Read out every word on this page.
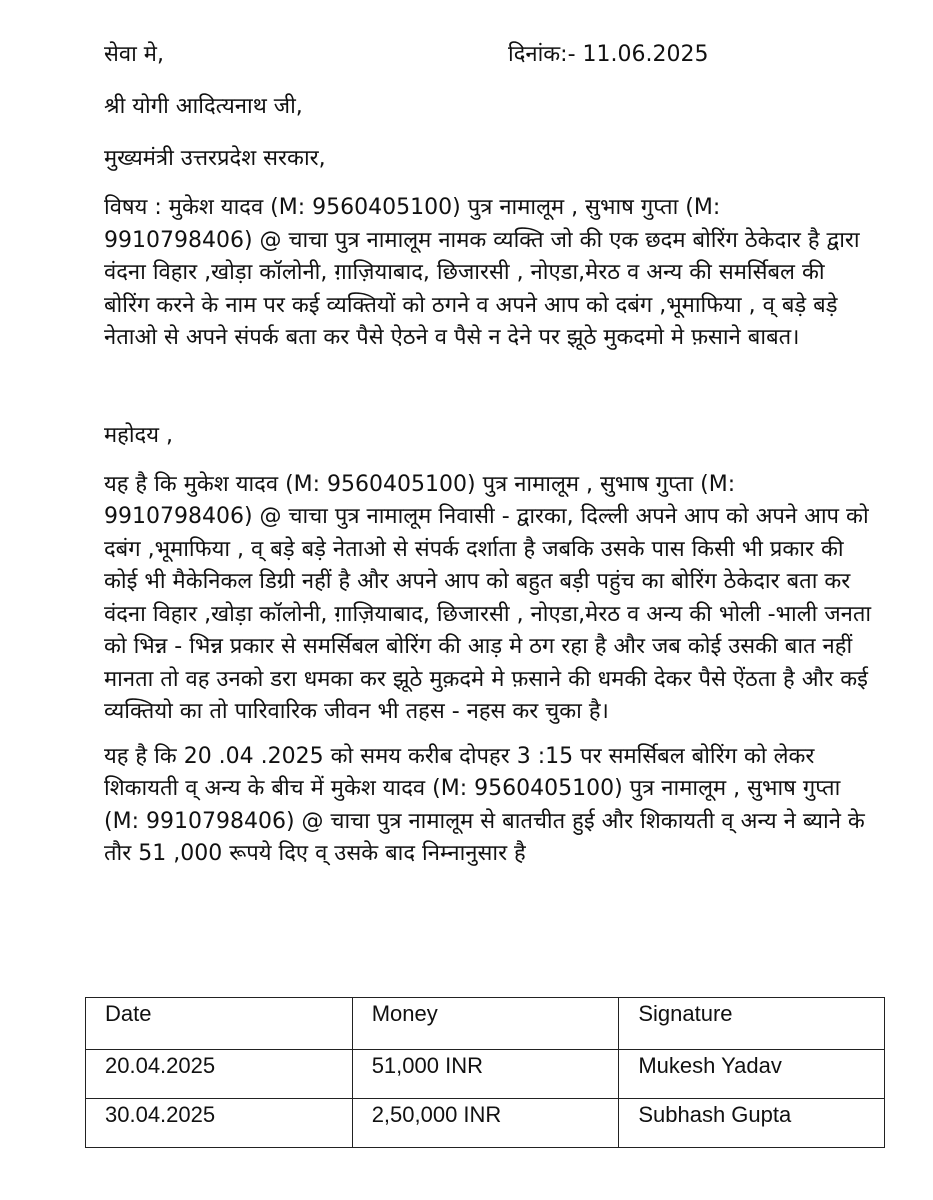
सेवा मे,	दिनांक:- 11.06.2025

श्री योगी आदित्यनाथ जी,

मुख्यमंत्री उत्तरप्रदेश सरकार,

विषय : मुकेश यादव (M: 9560405100) पुत्र नामालूम , सुभाष गुप्ता (M: 9910798406) @ चाचा पुत्र नामालूम नामक व्यक्ति जो की एक छदम बोरिंग ठेकेदार है द्वारा वंदना विहार ,खोड़ा कॉलोनी, ग़ाज़ियाबाद, छिजारसी , नोएडा,मेरठ व अन्य की समर्सिबल की बोरिंग करने के नाम पर कई व्यक्तियों को ठगने व अपने आप को दबंग ,भूमाफिया , व् बड़े बड़े नेताओ से अपने संपर्क बता कर पैसे ऐठने व पैसे न देने पर झूठे मुकदमो मे फ़साने बाबत।

महोदय ,

यह है कि मुकेश यादव (M: 9560405100) पुत्र नामालूम , सुभाष गुप्ता (M: 9910798406) @ चाचा पुत्र नामालूम निवासी - द्वारका, दिल्ली अपने आप को अपने आप को दबंग ,भूमाफिया , व् बड़े बड़े नेताओ से संपर्क दर्शाता है जबकि उसके पास किसी भी प्रकार की कोई भी मैकेनिकल डिग्री नहीं है और अपने आप को बहुत बड़ी पहुंच का बोरिंग ठेकेदार बता कर वंदना विहार ,खोड़ा कॉलोनी, ग़ाज़ियाबाद, छिजारसी , नोएडा,मेरठ व अन्य की भोली -भाली जनता को भिन्न - भिन्न प्रकार से समर्सिबल बोरिंग की आड़ मे ठग रहा है और जब कोई उसकी बात नहीं मानता तो वह उनको डरा धमका कर झूठे मुक़दमे मे फ़साने की धमकी देकर पैसे ऐंठता है और कई व्यक्तियो का तो पारिवारिक जीवन भी तहस - नहस कर चुका है।

यह है कि 20 .04 .2025 को समय करीब दोपहर 3 :15 पर समर्सिबल बोरिंग को लेकर शिकायती व् अन्य के बीच में मुकेश यादव (M: 9560405100) पुत्र नामालूम , सुभाष गुप्ता (M: 9910798406) @ चाचा पुत्र नामालूम से बातचीत हुई और शिकायती व् अन्य ने ब्याने के तौर 51 ,000 रूपये दिए व् उसके बाद निम्नानुसार है

Date	Money	Signature
20.04.2025	51,000 INR	Mukesh Yadav
30.04.2025	2,50,000 INR	Subhash Gupta
